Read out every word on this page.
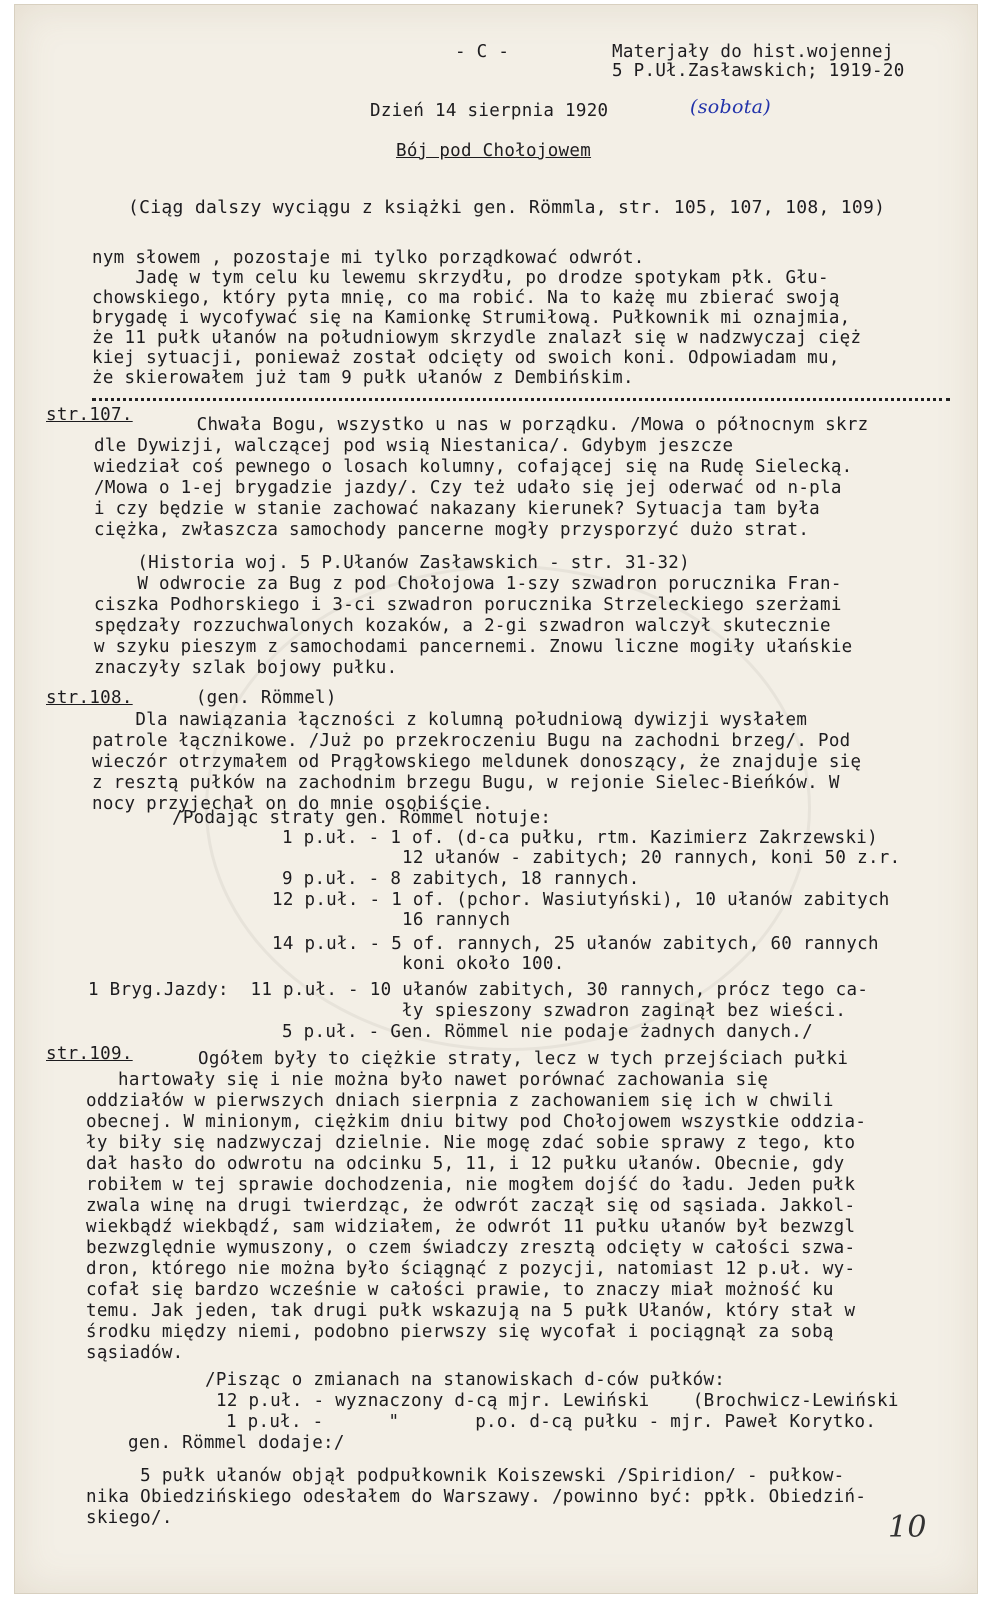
- C -	Materjały do hist.wojennej
5 P.Uł.Zasławskich; 1919-20
Dzień 14 sierpnia 1920	(sobota)
Bój pod Chołojowem
(Ciąg dalszy wyciągu z książki gen. Römmla, str. 105, 107, 108, 109)
nym słowem , pozostaje mi tylko porządkować odwrót.
Jadę w tym celu ku lewemu skrzydłu, po drodze spotykam płk. Głu-
chowskiego, który pyta mnię, co ma robić. Na to każę mu zbierać swoją
brygadę i wycofywać się na Kamionkę Strumiłową. Pułkownik mi oznajmia,
że 11 pułk ułanów na południowym skrzydle znalazł się w nadzwyczaj cięż
kiej sytuacji, ponieważ został odcięty od swoich koni. Odpowiadam mu,
że skierowałem już tam 9 pułk ułanów z Dembińskim.
str.107.
Chwała Bogu, wszystko u nas w porządku. /Mowa o północnym skrz
dle Dywizji, walczącej pod wsią Niestanica/. Gdybym jeszcze
wiedział coś pewnego o losach kolumny, cofającej się na Rudę Sielecką.
/Mowa o 1-ej brygadzie jazdy/. Czy też udało się jej oderwać od n-pla
i czy będzie w stanie zachować nakazany kierunek? Sytuacja tam była
ciężka, zwłaszcza samochody pancerne mogły przysporzyć dużo strat.
(Historia woj. 5 P.Ułanów Zasławskich - str. 31-32)
W odwrocie za Bug z pod Chołojowa 1-szy szwadron porucznika Fran-
ciszka Podhorskiego i 3-ci szwadron porucznika Strzeleckiego szerżami
spędzały rozzuchwalonych kozaków, a 2-gi szwadron walczył skutecznie
w szyku pieszym z samochodami pancernemi. Znowu liczne mogiły ułańskie
znaczyły szlak bojowy pułku.
str.108.
(gen. Römmel)
Dla nawiązania łączności z kolumną południową dywizji wysłałem
patrole łącznikowe. /Już po przekroczeniu Bugu na zachodni brzeg/. Pod
wieczór otrzymałem od Prągłowskiego meldunek donoszący, że znajduje się
z resztą pułków na zachodnim brzegu Bugu, w rejonie Sielec-Bieńków. W
nocy przyjechał on do mnie osobiście.
/Podając straty gen. Römmel notuje:
1 p.uł. - 1 of. (d-ca pułku, rtm. Kazimierz Zakrzewski)
12 ułanów - zabitych; 20 rannych, koni 50 z.r.
9 p.uł. - 8 zabitych, 18 rannych.
12 p.uł. - 1 of. (pchor. Wasiutyński), 10 ułanów zabitych
16 rannych
14 p.uł. - 5 of. rannych, 25 ułanów zabitych, 60 rannych
koni około 100.
1 Bryg.Jazdy:  11 p.uł. - 10 ułanów zabitych, 30 rannych, prócz tego ca-
ły spieszony szwadron zaginął bez wieści.
5 p.uł. - Gen. Römmel nie podaje żadnych danych./
str.109.	Ogółem były to ciężkie straty, lecz w tych przejściach pułki
hartowały się i nie można było nawet porównać zachowania się
oddziałów w pierwszych dniach sierpnia z zachowaniem się ich w chwili
obecnej. W minionym, ciężkim dniu bitwy pod Chołojowem wszystkie oddzia-
ły biły się nadzwyczaj dzielnie. Nie mogę zdać sobie sprawy z tego, kto
dał hasło do odwrotu na odcinku 5, 11, i 12 pułku ułanów. Obecnie, gdy
robiłem w tej sprawie dochodzenia, nie mogłem dojść do ładu. Jeden pułk
zwala winę na drugi twierdząc, że odwrót zaczął się od sąsiada. Jakkol-
wiekbądź wiekbądź, sam widziałem, że odwrót 11 pułku ułanów był bezwzgl
bezwzględnie wymuszony, o czem świadczy zresztą odcięty w całości szwa-
dron, którego nie można było ściągnąć z pozycji, natomiast 12 p.uł. wy-
cofał się bardzo wcześnie w całości prawie, to znaczy miał możność ku
temu. Jak jeden, tak drugi pułk wskazują na 5 pułk Ułanów, który stał w
środku między niemi, podobno pierwszy się wycofał i pociągnął za sobą
sąsiadów.
/Pisząc o zmianach na stanowiskach d-ców pułków:
12 p.uł. - wyznaczony d-cą mjr. Lewiński    (Brochwicz-Lewiński
1 p.uł. -      "       p.o. d-cą pułku - mjr. Paweł Korytko.
gen. Römmel dodaje:/
5 pułk ułanów objął podpułkownik Koiszewski /Spiridion/ - pułkow-
nika Obiedzińskiego odesłałem do Warszawy. /powinno być: ppłk. Obiedziń-
skiego/.	10
